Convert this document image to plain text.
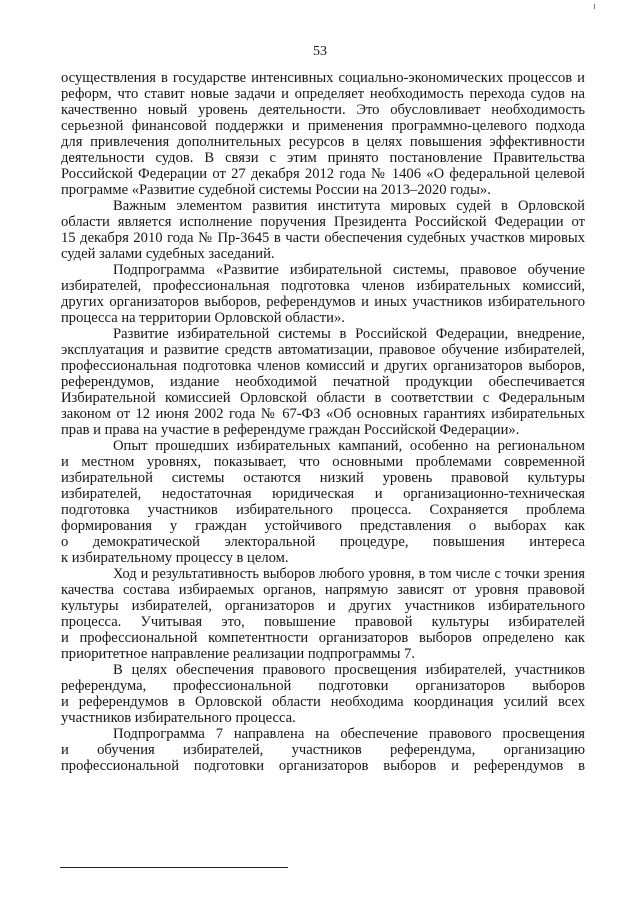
53
осуществления в государстве интенсивных социально-экономических процессов и
реформ, что ставит новые задачи и определяет необходимость перехода судов на
качественно новый уровень деятельности. Это обусловливает необходимость
серьезной финансовой поддержки и применения программно-целевого подхода
для привлечения дополнительных ресурсов в целях повышения эффективности
деятельности судов. В связи с этим принято постановление Правительства
Российской Федерации от 27 декабря 2012 года № 1406 «О федеральной целевой
программе «Развитие судебной системы России на 2013–2020 годы».
Важным элементом развития института мировых судей в Орловской
области является исполнение поручения Президента Российской Федерации от
15 декабря 2010 года № Пр-3645 в части обеспечения судебных участков мировых
судей залами судебных заседаний.
Подпрограмма «Развитие избирательной системы, правовое обучение
избирателей, профессиональная подготовка членов избирательных комиссий,
других организаторов выборов, референдумов и иных участников избирательного
процесса на территории Орловской области».
Развитие избирательной системы в Российской Федерации, внедрение,
эксплуатация и развитие средств автоматизации, правовое обучение избирателей,
профессиональная подготовка членов комиссий и других организаторов выборов,
референдумов, издание необходимой печатной продукции обеспечивается
Избирательной комиссией Орловской области в соответствии с Федеральным
законом от 12 июня 2002 года № 67-ФЗ «Об основных гарантиях избирательных
прав и права на участие в референдуме граждан Российской Федерации».
Опыт прошедших избирательных кампаний, особенно на региональном
и местном уровнях, показывает, что основными проблемами современной
избирательной системы остаются низкий уровень правовой культуры
избирателей, недостаточная юридическая и организационно-техническая
подготовка участников избирательного процесса. Сохраняется проблема
формирования у граждан устойчивого представления о выборах как
о демократической электоральной процедуре, повышения интереса
к избирательному процессу в целом.
Ход и результативность выборов любого уровня, в том числе с точки зрения
качества состава избираемых органов, напрямую зависят от уровня правовой
культуры избирателей, организаторов и других участников избирательного
процесса. Учитывая это, повышение правовой культуры избирателей
и профессиональной компетентности организаторов выборов определено как
приоритетное направление реализации подпрограммы 7.
В целях обеспечения правового просвещения избирателей, участников
референдума, профессиональной подготовки организаторов выборов
и референдумов в Орловской области необходима координация усилий всех
участников избирательного процесса.
Подпрограмма 7 направлена на обеспечение правового просвещения
и обучения избирателей, участников референдума, организацию
профессиональной подготовки организаторов выборов и референдумов в
